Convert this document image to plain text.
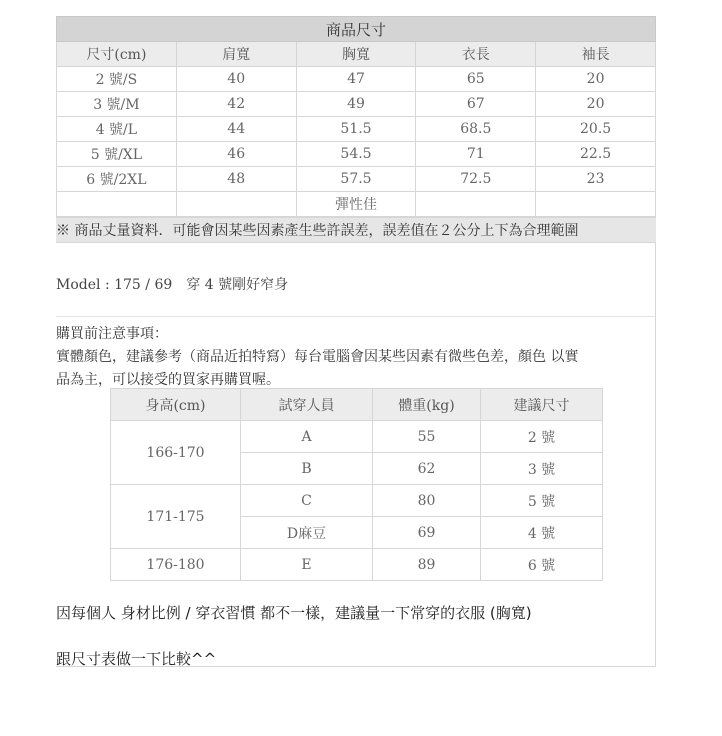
商品尺寸				
尺寸(cm)	肩寬	胸寬	衣長	袖長
2 號/S	40	47	65	20
3 號/M	42	49	67	20
4 號/L	44	51.5	68.5	20.5
5 號/XL	46	54.5	71	22.5
6 號/2XL	48	57.5	72.5	23
		彈性佳		
※ 商品丈量資料．可能會因某些因素產生些許誤差，誤差值在２公分上下為合理範圍
Model : 175 / 69　穿 4 號剛好窄身
購買前注意事項：
實體顏色，建議參考（商品近拍特寫）每台電腦會因某些因素有微些色差，顏色 以實
品為主，可以接受的買家再購買喔。
身高(cm)	試穿人員	體重(kg)	建議尺寸
166-170	A	55	2 號
	B	62	3 號
171-175	C	80	5 號
	D麻豆	69	4 號
176-180	E	89	6 號
因每個人 身材比例 / 穿衣習慣 都不一樣，建議量一下常穿的衣服 (胸寬)
跟尺寸表做一下比較^^
